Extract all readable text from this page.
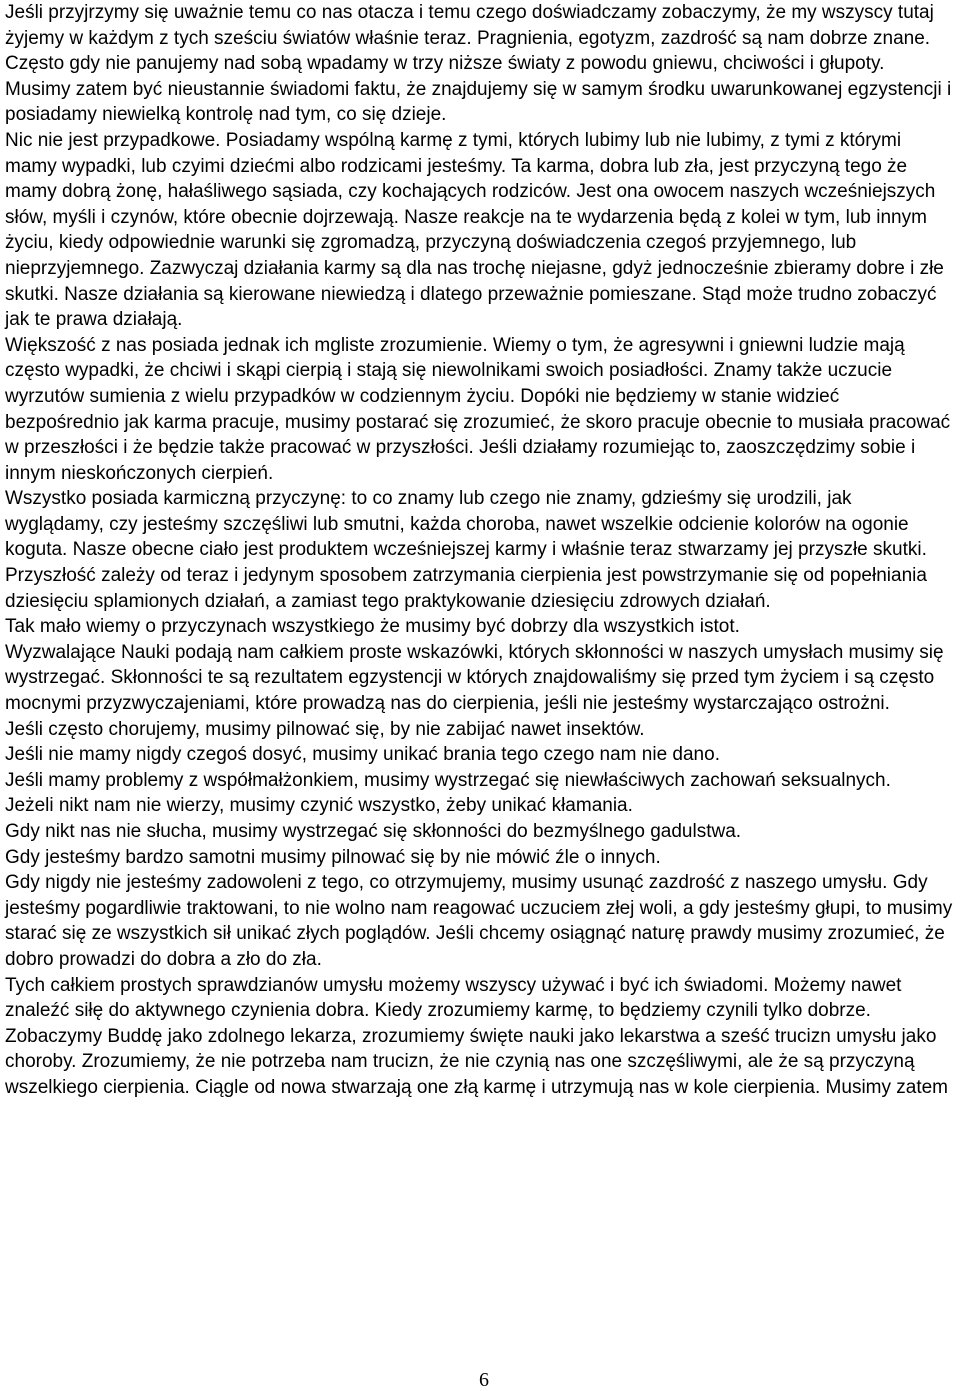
Jeśli przyjrzymy się uważnie temu co nas otacza i temu czego doświadczamy zobaczymy, że my wszyscy tutaj żyjemy w każdym z tych sześciu światów właśnie teraz. Pragnienia, egotyzm, zazdrość są nam dobrze znane. Często gdy nie panujemy nad sobą wpadamy w trzy niższe światy z powodu gniewu, chciwości i głupoty. Musimy zatem być nieustannie świadomi faktu, że znajdujemy się w samym środku uwarunkowanej egzystencji i posiadamy niewielką kontrolę nad tym, co się dzieje.

Nic nie jest przypadkowe. Posiadamy wspólną karmę z tymi, których lubimy lub nie lubimy, z tymi z którymi mamy wypadki, lub czyimi dziećmi albo rodzicami jesteśmy. Ta karma, dobra lub zła, jest przyczyną tego że mamy dobrą żonę, hałaśliwego sąsiada, czy kochających rodziców. Jest ona owocem naszych wcześniejszych słów, myśli i czynów, które obecnie dojrzewają. Nasze reakcje na te wydarzenia będą z kolei w tym, lub innym życiu, kiedy odpowiednie warunki się zgromadzą, przyczyną doświadczenia czegoś przyjemnego, lub nieprzyjemnego. Zazwyczaj działania karmy są dla nas trochę niejasne, gdyż jednocześnie zbieramy dobre i złe skutki. Nasze działania są kierowane niewiedzą i dlatego przeważnie pomieszane. Stąd może trudno zobaczyć jak te prawa działają.

Większość z nas posiada jednak ich mgliste zrozumienie. Wiemy o tym, że agresywni i gniewni ludzie mają często wypadki, że chciwi i skąpi cierpią i stają się niewolnikami swoich posiadłości. Znamy także uczucie wyrzutów sumienia z wielu przypadków w codziennym życiu. Dopóki nie będziemy w stanie widzieć bezpośrednio jak karma pracuje, musimy postarać się zrozumieć, że skoro pracuje obecnie to musiała pracować w przeszłości i że będzie także pracować w przyszłości. Jeśli działamy rozumiejąc to, zaoszczędzimy sobie i innym nieskończonych cierpień.

Wszystko posiada karmiczną przyczynę: to co znamy lub czego nie znamy, gdzieśmy się urodzili, jak wyglądamy, czy jesteśmy szczęśliwi lub smutni, każda choroba, nawet wszelkie odcienie kolorów na ogonie koguta. Nasze obecne ciało jest produktem wcześniejszej karmy i właśnie teraz stwarzamy jej przyszłe skutki. Przyszłość zależy od teraz i jedynym sposobem zatrzymania cierpienia jest powstrzymanie się od popełniania dziesięciu splamionych działań, a zamiast tego praktykowanie dziesięciu zdrowych działań.

Tak mało wiemy o przyczynach wszystkiego że musimy być dobrzy dla wszystkich istot.

Wyzwalające Nauki podają nam całkiem proste wskazówki, których skłonności w naszych umysłach musimy się wystrzegać. Skłonności te są rezultatem egzystencji w których znajdowaliśmy się przed tym życiem i są często mocnymi przyzwyczajeniami, które prowadzą nas do cierpienia, jeśli nie jesteśmy wystarczająco ostrożni.

Jeśli często chorujemy, musimy pilnować się, by nie zabijać nawet insektów.

Jeśli nie mamy nigdy czegoś dosyć, musimy unikać brania tego czego nam nie dano.

Jeśli mamy problemy z współmałżonkiem, musimy wystrzegać się niewłaściwych zachowań seksualnych.

Jeżeli nikt nam nie wierzy, musimy czynić wszystko, żeby unikać kłamania.

Gdy nikt nas nie słucha, musimy wystrzegać się skłonności do bezmyślnego gadulstwa.

Gdy jesteśmy bardzo samotni musimy pilnować się by nie mówić źle o innych.

Gdy nigdy nie jesteśmy zadowoleni z tego, co otrzymujemy, musimy usunąć zazdrość z naszego umysłu. Gdy jesteśmy pogardliwie traktowani, to nie wolno nam reagować uczuciem złej woli, a gdy jesteśmy głupi, to musimy starać się ze wszystkich sił unikać złych poglądów. Jeśli chcemy osiągnąć naturę prawdy musimy zrozumieć, że dobro prowadzi do dobra a zło do zła.

Tych całkiem prostych sprawdzianów umysłu możemy wszyscy używać i być ich świadomi. Możemy nawet znaleźć siłę do aktywnego czynienia dobra. Kiedy zrozumiemy karmę, to będziemy czynili tylko dobrze. Zobaczymy Buddę jako zdolnego lekarza, zrozumiemy święte nauki jako lekarstwa a sześć trucizn umysłu jako choroby. Zrozumiemy, że nie potrzeba nam trucizn, że nie czynią nas one szczęśliwymi, ale że są przyczyną wszelkiego cierpienia. Ciągle od nowa stwarzają one złą karmę i utrzymują nas w kole cierpienia. Musimy zatem

6
